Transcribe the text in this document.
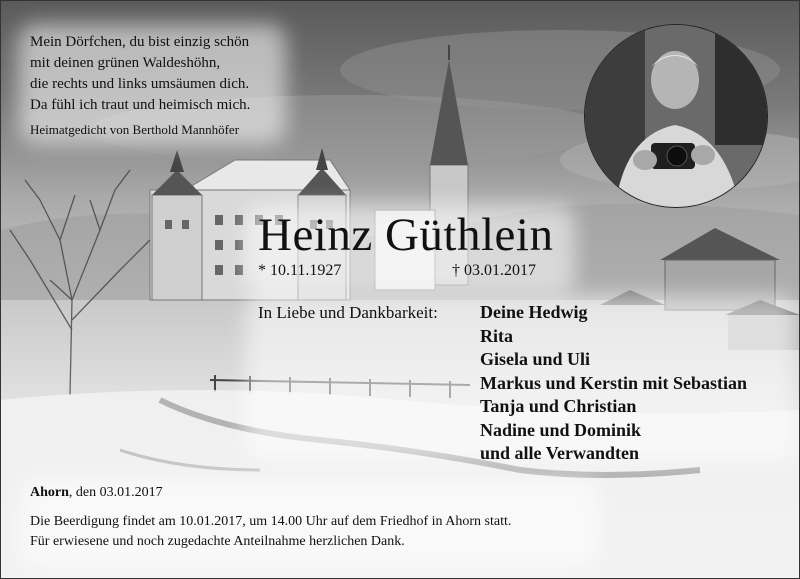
Mein Dörfchen, du bist einzig schön
mit deinen grünen Waldeshöhn,
die rechts und links umsäumen dich.
Da fühl ich traut und heimisch mich.
Heimatgedicht von Berthold Mannhöfer
Heinz Güthlein
* 10.11.1927	† 03.01.2017
In Liebe und Dankbarkeit: Deine Hedwig
Rita
Gisela und Uli
Markus und Kerstin mit Sebastian
Tanja und Christian
Nadine und Dominik
und alle Verwandten
Ahorn, den 03.01.2017
Die Beerdigung findet am 10.01.2017, um 14.00 Uhr auf dem Friedhof in Ahorn statt.
Für erwiesene und noch zugedachte Anteilnahme herzlichen Dank.
